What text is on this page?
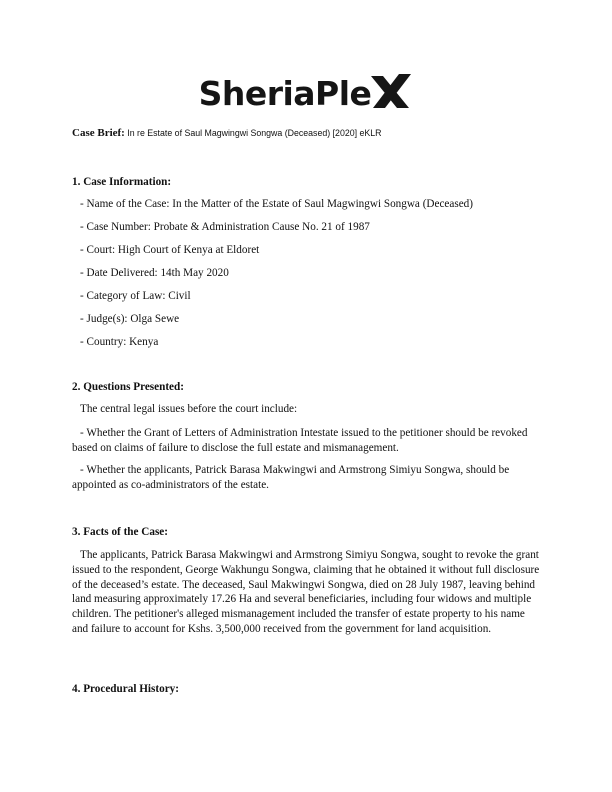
SheriaPle
Case Brief: In re Estate of Saul Magwingwi Songwa (Deceased) [2020] eKLR
1. Case Information:
- Name of the Case: In the Matter of the Estate of Saul Magwingwi Songwa (Deceased)
- Case Number: Probate & Administration Cause No. 21 of 1987
- Court: High Court of Kenya at Eldoret
- Date Delivered: 14th May 2020
- Category of Law: Civil
- Judge(s): Olga Sewe
- Country: Kenya
2. Questions Presented:
The central legal issues before the court include:
- Whether the Grant of Letters of Administration Intestate issued to the petitioner should be revoked based on claims of failure to disclose the full estate and mismanagement.
- Whether the applicants, Patrick Barasa Makwingwi and Armstrong Simiyu Songwa, should be appointed as co-administrators of the estate.
3. Facts of the Case:
The applicants, Patrick Barasa Makwingwi and Armstrong Simiyu Songwa, sought to revoke the grant issued to the respondent, George Wakhungu Songwa, claiming that he obtained it without full disclosure of the deceased’s estate. The deceased, Saul Makwingwi Songwa, died on 28 July 1987, leaving behind land measuring approximately 17.26 Ha and several beneficiaries, including four widows and multiple children. The petitioner's alleged mismanagement included the transfer of estate property to his name and failure to account for Kshs. 3,500,000 received from the government for land acquisition.
4. Procedural History:
